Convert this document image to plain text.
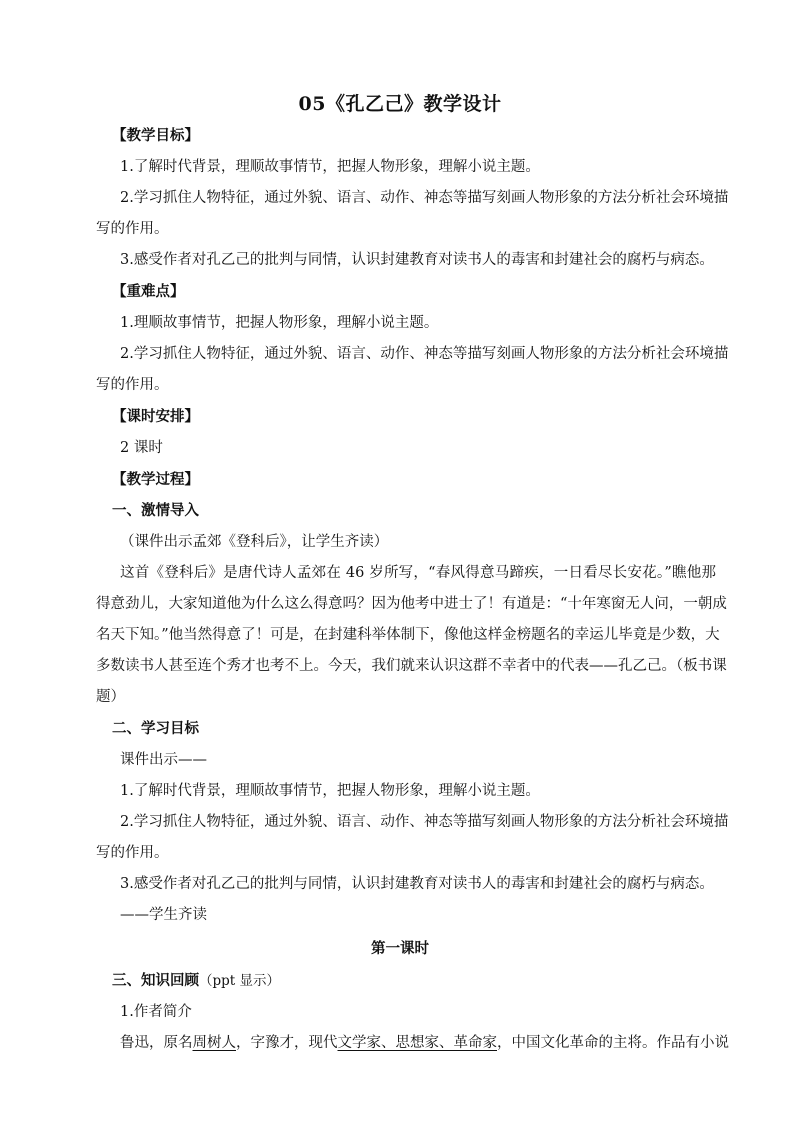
05《孔乙己》教学设计
【教学目标】
1.了解时代背景，理顺故事情节，把握人物形象，理解小说主题。
2.学习抓住人物特征，通过外貌、语言、动作、神态等描写刻画人物形象的方法分析社会环境描
写的作用。
3.感受作者对孔乙己的批判与同情，认识封建教育对读书人的毒害和封建社会的腐朽与病态。
【重难点】
1.理顺故事情节，把握人物形象，理解小说主题。
2.学习抓住人物特征，通过外貌、语言、动作、神态等描写刻画人物形象的方法分析社会环境描
写的作用。
【课时安排】
2 课时
【教学过程】
一、激情导入
（课件出示孟郊《登科后》，让学生齐读）
这首《登科后》是唐代诗人孟郊在 46 岁所写，“春风得意马蹄疾，一日看尽长安花。”瞧他那
得意劲儿，大家知道他为什么这么得意吗？因为他考中进士了！有道是：“十年寒窗无人问，一朝成
名天下知。”他当然得意了！可是，在封建科举体制下，像他这样金榜题名的幸运儿毕竟是少数，大
多数读书人甚至连个秀才也考不上。今天，我们就来认识这群不幸者中的代表——孔乙己。（板书课
题）
二、学习目标
课件出示——
1.了解时代背景，理顺故事情节，把握人物形象，理解小说主题。
2.学习抓住人物特征，通过外貌、语言、动作、神态等描写刻画人物形象的方法分析社会环境描
写的作用。
3.感受作者对孔乙己的批判与同情，认识封建教育对读书人的毒害和封建社会的腐朽与病态。
——学生齐读
第一课时
三、知识回顾（ppt 显示）
1.作者简介
鲁迅，原名周树人，字豫才，现代文学家、思想家、革命家，中国文化革命的主将。作品有小说
